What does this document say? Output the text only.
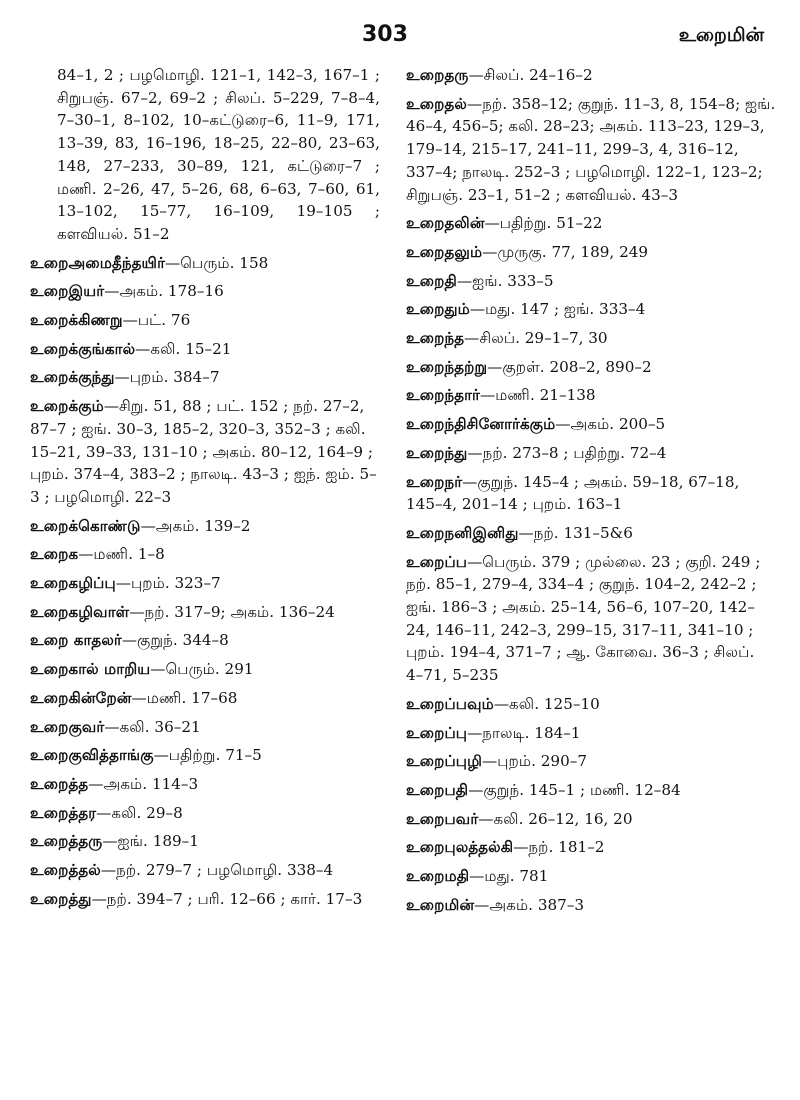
303	உறைமின்

84–1, 2 ; பழமொழி. 121–1, 142–3, 167–1 ; சிறுபஞ். 67–2, 69–2 ; சிலப். 5–229, 7–8–4, 7–30–1, 8–102, 10–கட்டுரை–6, 11–9, 171, 13–39, 83, 16–196, 18–25, 22–80, 23–63, 148, 27–233, 30–89, 121, கட்டுரை–7 ; மணி. 2–26, 47, 5–26, 68, 6–63, 7–60, 61, 13–102, 15–77, 16–109, 19–105 ; களவியல். 51–2

உறைஅமைதீந்தயிர்—பெரும். 158

உறைஇயர்—அகம். 178–16

உறைக்கிணறு—பட். 76

உறைக்குங்கால்—கலி. 15–21

உறைக்குந்து—புறம். 384–7

உறைக்கும்—சிறு. 51, 88 ; பட். 152 ; நற். 27–2, 87–7 ; ஐங். 30–3, 185–2, 320–3, 352–3 ; கலி. 15–21, 39–33, 131–10 ; அகம். 80–12, 164–9 ; புறம். 374–4, 383–2 ; நாலடி. 43–3 ; ஐந். ஐம். 5–3 ; பழமொழி. 22–3

உறைக்கொண்டு—அகம். 139–2

உறைக—மணி. 1–8

உறைகழிப்பு—புறம். 323–7

உறைகழிவாள்—நற். 317–9; அகம். 136–24

உறை காதலர்—குறுந். 344–8

உறைகால் மாறிய—பெரும். 291

உறைகின்றேன்—மணி. 17–68

உறைகுவர்—கலி. 36–21

உறைகுவித்தாங்கு—பதிற்று. 71–5

உறைத்த—அகம். 114–3

உறைத்தர—கலி. 29–8

உறைத்தரு—ஐங். 189–1

உறைத்தல்—நற். 279–7 ; பழமொழி. 338–4

உறைத்து—நற். 394–7 ; பரி. 12–66 ; கார். 17–3

உறைதரு—சிலப். 24–16–2

உறைதல்—நற். 358–12; குறுந். 11–3, 8, 154–8; ஐங். 46–4, 456–5; கலி. 28–23; அகம். 113–23, 129–3, 179–14, 215–17, 241–11, 299–3, 4, 316–12, 337–4; நாலடி. 252–3 ; பழமொழி. 122–1, 123–2; சிறுபஞ். 23–1, 51–2 ; களவியல். 43–3

உறைதலின்—பதிற்று. 51–22

உறைதலும்—முருகு. 77, 189, 249

உறைதி—ஐங். 333–5

உறைதும்—மது. 147 ; ஐங். 333–4

உறைந்த—சிலப். 29–1–7, 30

உறைந்தற்று—குறள். 208–2, 890–2

உறைந்தார்—மணி. 21–138

உறைந்திசினோர்க்கும்—அகம். 200–5

உறைந்து—நற். 273–8 ; பதிற்று. 72–4

உறைநர்—குறுந். 145–4 ; அகம். 59–18, 67–18, 145–4, 201–14 ; புறம். 163–1

உறைநனிஇனிது—நற். 131–5&6

உறைப்ப—பெரும். 379 ; முல்லை. 23 ; குறி. 249 ; நற். 85–1, 279–4, 334–4 ; குறுந். 104–2, 242–2 ; ஐங். 186–3 ; அகம். 25–14, 56–6, 107–20, 142–24, 146–11, 242–3, 299–15, 317–11, 341–10 ; புறம். 194–4, 371–7 ; ஆ. கோவை. 36–3 ; சிலப். 4–71, 5–235

உறைப்பவும்—கலி. 125–10

உறைப்பு—நாலடி. 184–1

உறைப்புழி—புறம். 290–7

உறைபதி—குறுந். 145–1 ; மணி. 12–84

உறைபவர்—கலி. 26–12, 16, 20

உறைபுலத்தல்கி—நற். 181–2

உறைமதி—மது. 781

உறைமின்—அகம். 387–3
